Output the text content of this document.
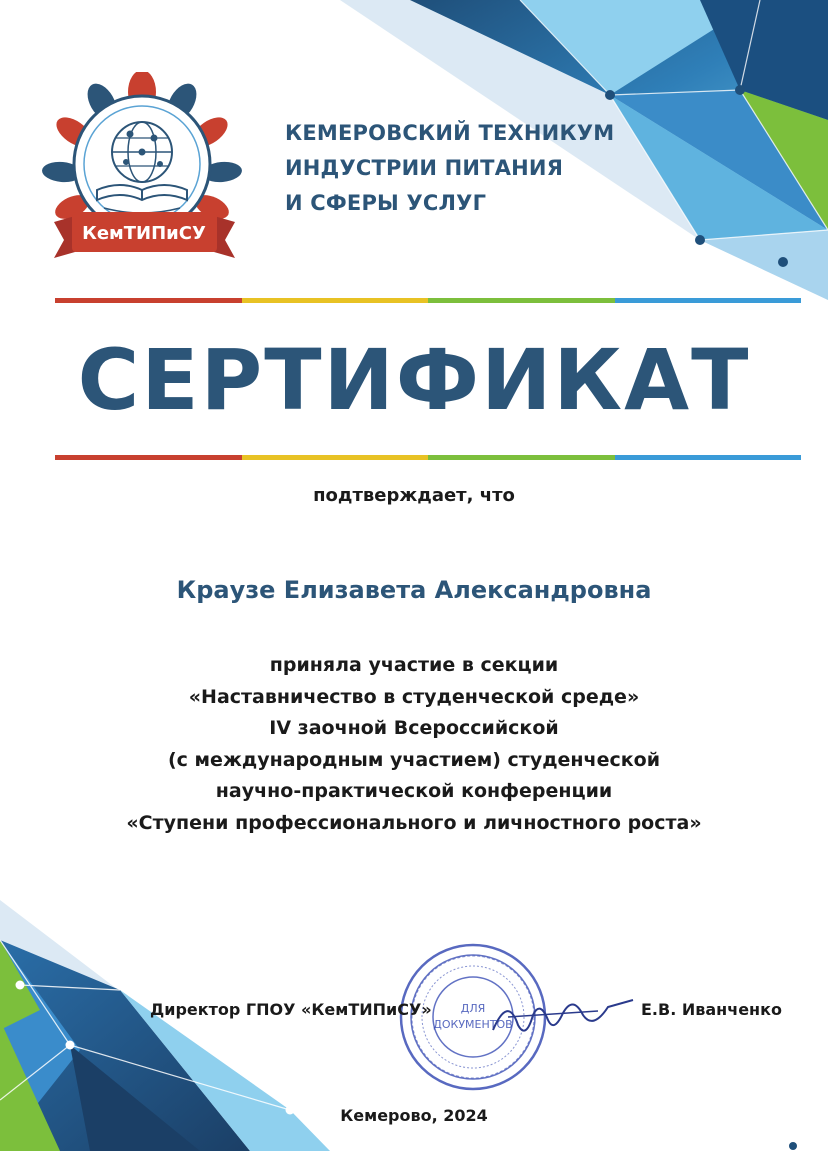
КемТИПиСУ
КЕМЕРОВСКИЙ ТЕХНИКУМ
ИНДУСТРИИ ПИТАНИЯ
И СФЕРЫ УСЛУГ
СЕРТИФИКАТ
подтверждает, что
Краузе Елизавета Александровна
приняла участие в секции
«Наставничество в студенческой среде»
IV заочной Всероссийской
(с международным участием) студенческой
научно-практической конференции
«Ступени профессионального и личностного роста»
ДЛЯ
ДОКУМЕНТОВ
Директор ГПОУ «КемТИПиСУ»	Е.В. Иванченко
Кемерово, 2024
